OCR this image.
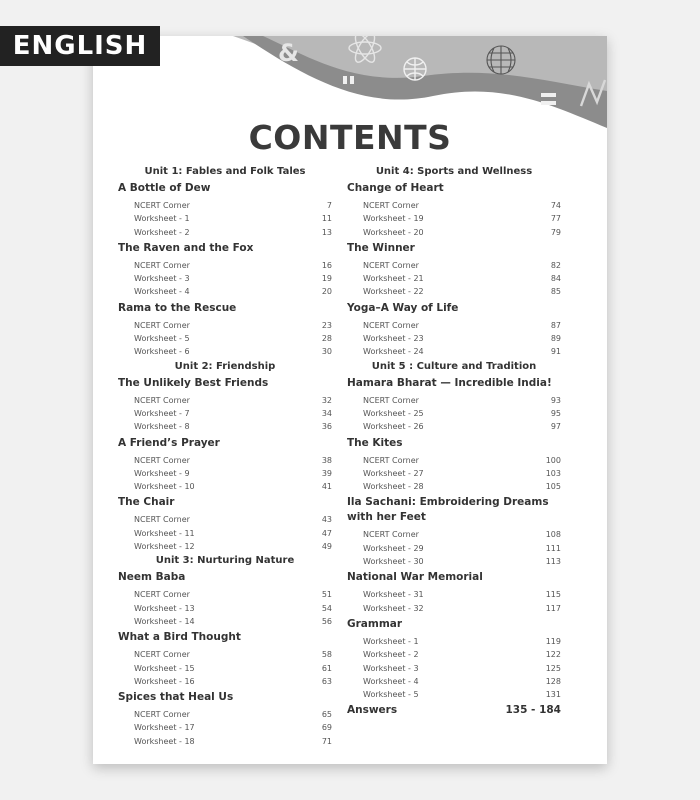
ENGLISH	&
CONTENTS
Unit 1: Fables and Folk Tales
A Bottle of Dew
NCERT Corner	7
Worksheet - 1	11
Worksheet - 2	13
The Raven and the Fox
NCERT Corner	16
Worksheet - 3	19
Worksheet - 4	20
Rama to the Rescue
NCERT Corner	23
Worksheet - 5	28
Worksheet - 6	30
Unit 2: Friendship
The Unlikely Best Friends
NCERT Corner	32
Worksheet - 7	34
Worksheet - 8	36
A Friend’s Prayer
NCERT Corner	38
Worksheet - 9	39
Worksheet - 10	41
The Chair
NCERT Corner	43
Worksheet - 11	47
Worksheet - 12	49
Unit 3: Nurturing Nature
Neem Baba
NCERT Corner	51
Worksheet - 13	54
Worksheet - 14	56
What a Bird Thought
NCERT Corner	58
Worksheet - 15	61
Worksheet - 16	63
Spices that Heal Us
NCERT Corner	65
Worksheet - 17	69
Worksheet - 18	71
Unit 4: Sports and Wellness
Change of Heart
NCERT Corner	74
Worksheet - 19	77
Worksheet - 20	79
The Winner
NCERT Corner	82
Worksheet - 21	84
Worksheet - 22	85
Yoga–A Way of Life
NCERT Corner	87
Worksheet - 23	89
Worksheet - 24	91
Unit 5 : Culture and Tradition
Hamara Bharat — Incredible India!
NCERT Corner	93
Worksheet - 25	95
Worksheet - 26	97
The Kites
NCERT Corner	100
Worksheet - 27	103
Worksheet - 28	105
Ila Sachani: Embroidering Dreams
with her Feet
NCERT Corner	108
Worksheet - 29	111
Worksheet - 30	113
National War Memorial
Worksheet - 31	115
Worksheet - 32	117
Grammar
Worksheet - 1	119
Worksheet - 2	122
Worksheet - 3	125
Worksheet - 4	128
Worksheet - 5	131
Answers	135 - 184
